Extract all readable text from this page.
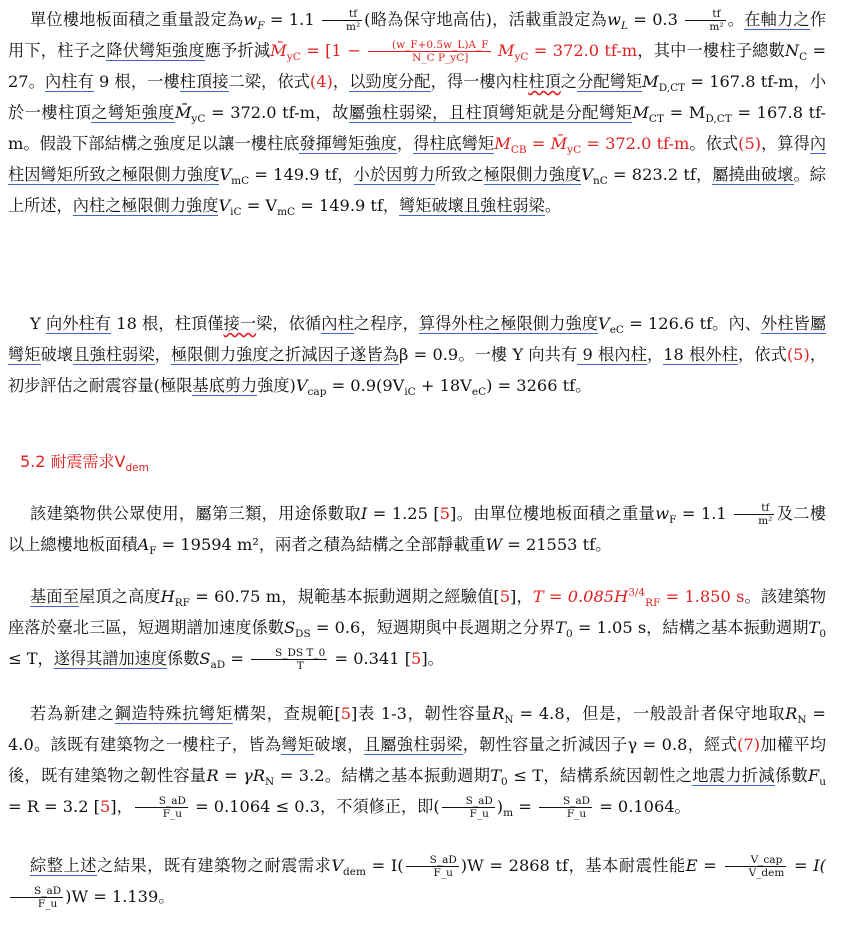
單位樓地板面積之重量設定為$w_F = 1.1 \frac{tf}{\text{m²}}$ (略為保守地高估)，活載重設定為$w_L = 0.3 \frac{tf}{\text{m²}}$ 。在軸力之作用下，柱子之降伏彎矩強度應予折減$M̄_{yC} = [1 - \frac{(w\_F+0.5w\_L)A\_F}{\text{N\_C P\_yC]}} M_{yC} = 372.0$ tf-m，其中一樓柱子總數$N_C = 27$。內柱有 9 根，一樓柱頂接二梁，依式(4)，以勁度分配，得一樓內柱柱頂之分配彎矩$M_{D,CT} = 167.8$ tf-m，小於一樓柱頂之彎矩強度$M̄_{yC} = 372.0$ tf-m，故屬強柱弱梁，且柱頂彎矩就是分配彎矩$M_{CT} = M_{D,CT} = 167.8$ tf-m。假設下部結構之強度足以讓一樓柱底發揮彎矩強度，得柱底彎矩$M_{CB}$ = $M̄_{yC} = 372.0$ tf-m。依式(5)，算得內柱因彎矩所致之極限側力強度$V_{mC} = 149.9$ tf，小於因剪力所致之極限側力強度$V_{nC} = 823.2$ tf，屬撓曲破壞。綜上所述，內柱之極限側力強度$V_{iC} = V_{mC} = 149.9$ tf，彎矩破壞且強柱弱梁。

Y 向外柱有 18 根，柱頂僅接一梁，依循內柱之程序，算得外柱之極限側力強度$V_{eC} = 126.6$ tf。內、外柱皆屬彎矩破壞且強柱弱梁，極限側力強度之折減因子遂皆為β = 0.9。一樓 Y 向共有 9 根內柱，18 根外柱，依式(5)，初步評估之耐震容量(極限基底剪力強度)$V_{cap} = 0.9(9V_{iC} + 18V_{eC}) = 3266$ tf。

5.2 耐震需求$V_{dem}$

該建築物供公眾使用，屬第三類，用途係數取I = 1.25 [5]。由單位樓地板面積之重量$w_F = 1.1 \frac{tf}{\text{m²}}$ 及二樓以上總樓地板面積$A_F = 19594$ m²，兩者之積為結構之全部靜載重W = 21553 tf。

基面至屋頂之高度$H_{RF} = 60.75$ m，規範基本振動週期之經驗值[5]，$T = 0.085H^{3/4}_{RF} = 1.850$ s。該建築物座落於臺北三區，短週期譜加速度係數$S_{DS} = 0.6$，短週期與中長週期之分界$T_0 = 1.05$ s，結構之基本振動週期$T_0 \le T$，遂得其譜加速度係數$S_{aD} = \frac{\text{S\_DS T\_0}}{T} = 0.341$ [5]。

若為新建之鋼造特殊抗彎矩構架，查規範[5]表 1-3，韌性容量$R_N = 4.8$，但是，一般設計者保守地取$R_N = 4.0$。該既有建築物之一樓柱子，皆為彎矩破壞，且屬強柱弱梁，韌性容量之折減因子γ = 0.8，經式(7)加權平均後，既有建築物之韌性容量$R = \gamma R_N = 3.2$。結構之基本振動週期$T_0 \le T$，結構系統因韌性之地震力折減係數$F_u = R = 3.2$ [5]， $\frac{S\_aD}{F\_u} = 0.1064 \le 0.3$，不須修正，即( $\frac{S\_aD}{F\_u} )_m = \frac{S\_aD}{F\_u} = 0.1064$。

綜整上述之結果，既有建築物之耐震需求$V_{dem} = I( \frac{S\_aD}{F\_u} )W = 2868$ tf，基本耐震性能$E = \frac{\text{V\_cap}}{\text{V\_dem}} = I$(
$\frac{S\_aD}{F\_u} )W = 1.139$。
